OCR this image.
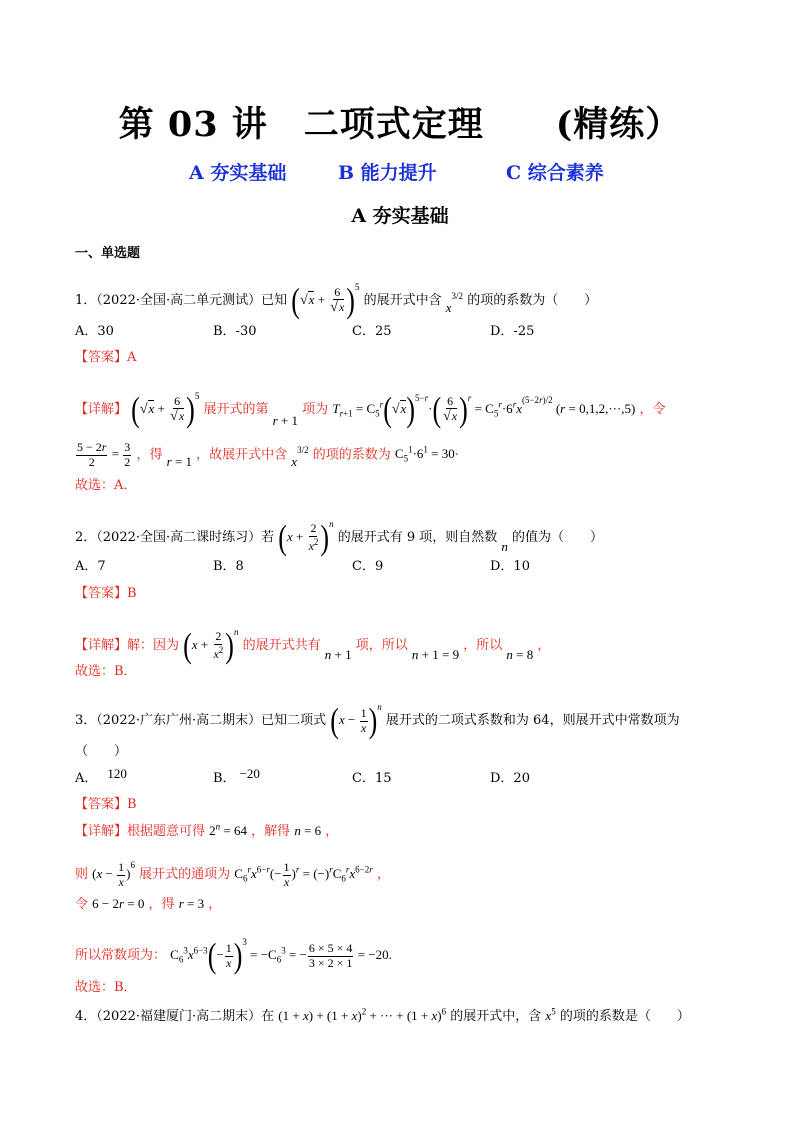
第 03 讲　二项式定理　　(精练）
A 夯实基础	B 能力提升	C 综合素养
A 夯实基础
一、单选题
1．（2022·全国·高二单元测试）已知 $(√x + \frac{6}{√x} )^5$ 的展开式中含 $x^{3/2}$ 的项的系数为（　　）
A．30	B．-30	C．25	D．-25
【答案】A
【详解】 $(√x + \frac{6}{√x} )^5$ 展开式的第 r + 1 项为 $T_{r+1} = C_5^r(√x)^{5-r}\cdot( \frac{6}{√x} )^r = C_5^r\cdot 6^rx^{(5-2r)/2}$ (r = 0,1,2,···,5) ，令
$\frac{5 - 2r}{2} = \frac{3}{2}$ ，得 r = 1 ，故展开式中含 $x^{3/2}$ 的项的系数为 $C_5^1\cdot 6^1 = 30\cdot$
故选：A．
2．（2022·全国·高二课时练习）若 $(x + \frac{2}{x^2} )^n$ 的展开式有 9 项，则自然数 n 的值为（　　）
A．7	B．8	C．9	D．10
【答案】B
【详解】解：因为 $(x + \frac{2}{x^2} )^n$ 的展开式共有 n + 1 项，所以 n + 1 = 9 ，所以 n = 8 ，
故选：B．
3．（2022·广东广州·高二期末）已知二项式 $(x - \frac{1}{x} )^n$ 展开式的二项式系数和为 64，则展开式中常数项为
（　　）
A． 120	B． −20	C．15	D．20
【答案】B
【详解】根据题意可得 $2^n = 64$ ，解得 n = 6 ，
则 $(x - \frac{1}{x} )^6$ 展开式的通项为 $C_6^rx^{6-r}(- \frac{1}{x} )^r = (-)^rC_6^rx^{6-2r}$ ，
令 6 − 2r = 0 ，得 r = 3 ，
所以常数项为： $C_6^3x^{6-3}(- \frac{1}{x} )^3 = -C_6^3$ = − $\frac{6 \times 5 \times 4}{3 \times 2 \times 1} = -20$.
故选：B．
4．（2022·福建厦门·高二期末）在 $(1 + x) + (1 + x)^2$ + ··· + $(1 + x)^6$ 的展开式中，含 $x^5$ 的项的系数是（　　）
